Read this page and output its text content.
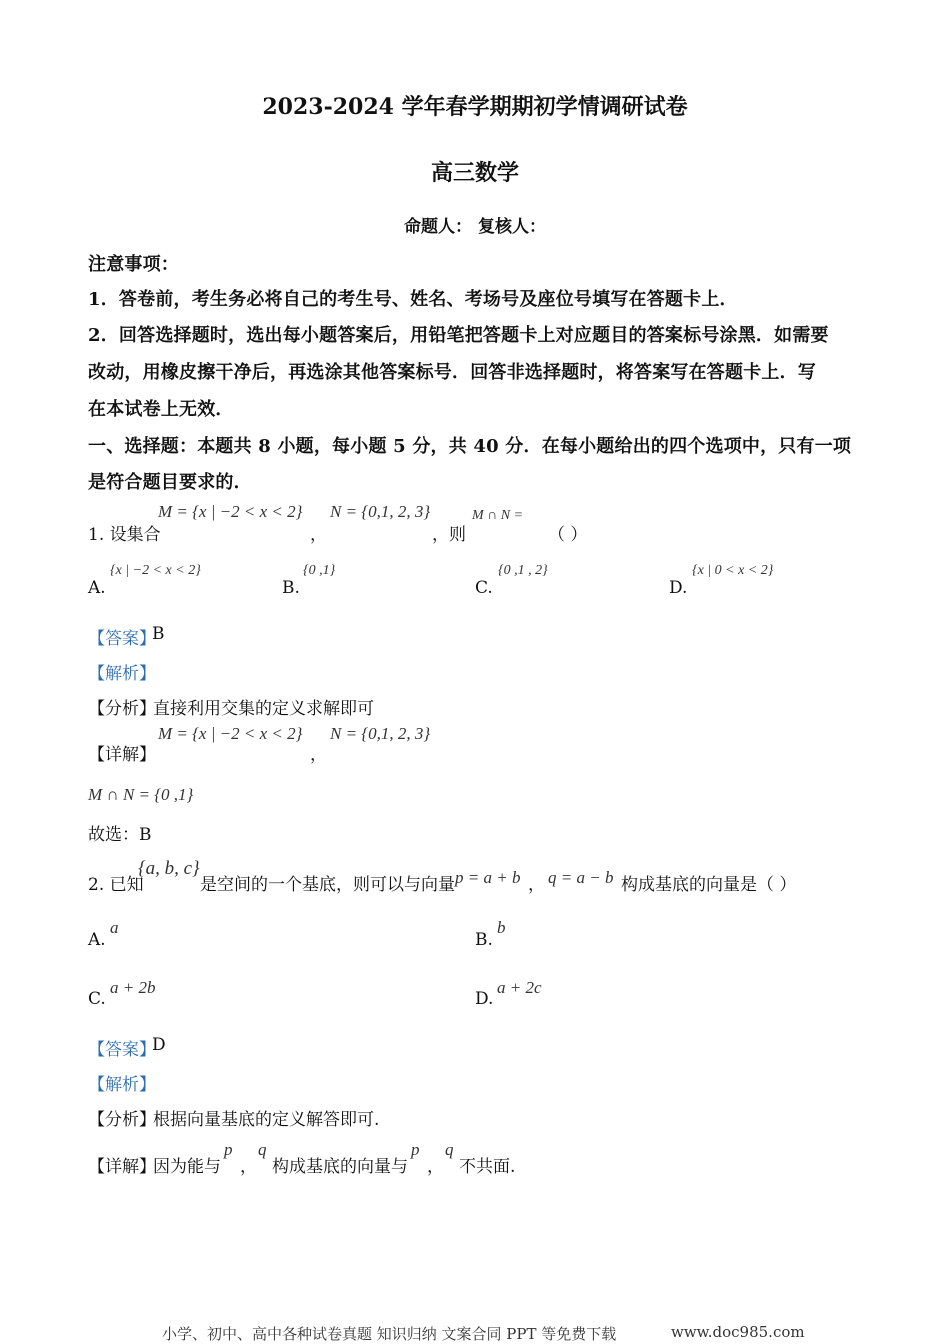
2023-2024 学年春学期期初学情调研试卷
高三数学
命题人： 复核人：
注意事项：
1．答卷前，考生务必将自己的考生号、姓名、考场号及座位号填写在答题卡上．
2．回答选择题时，选出每小题答案后，用铅笔把答题卡上对应题目的答案标号涂黑．如需要
改动，用橡皮擦干净后，再选涂其他答案标号．回答非选择题时，将答案写在答题卡上．写
在本试卷上无效．
一、选择题：本题共 8 小题，每小题 5 分，共 40 分．在每小题给出的四个选项中，只有一项
是符合题目要求的．
1. 设集合
M = {x | −2 < x < 2}
，
N = {0,1, 2, 3}
，则
M ∩ N =
（ ）
A.
{x | −2 < x < 2}
B.
{0 ,1}
C.
{0 ,1 , 2}
D.
{x | 0 < x < 2}
【答案】
B
【解析】
【分析】
直接利用交集的定义求解即可
【详解】
M = {x | −2 < x < 2}
，
N = {0,1, 2, 3}
M ∩ N = {0 ,1}
故选：B
2. 已知
{a, b, c}
是空间的一个基底，则可以与向量 p = a + b ， q = a − b 构成基底的向量是（ ）
A.
a
B.
b
C.
a + 2b
D.
a + 2c
【答案】
D
【解析】
【分析】
根据向量基底的定义解答即可.
【详解】
因为能与
p
，
q
构成基底的向量与
p
，
q
不共面.
小学、初中、高中各种试卷真题 知识归纳 文案合同 PPT 等免费下载	www.doc985.com
